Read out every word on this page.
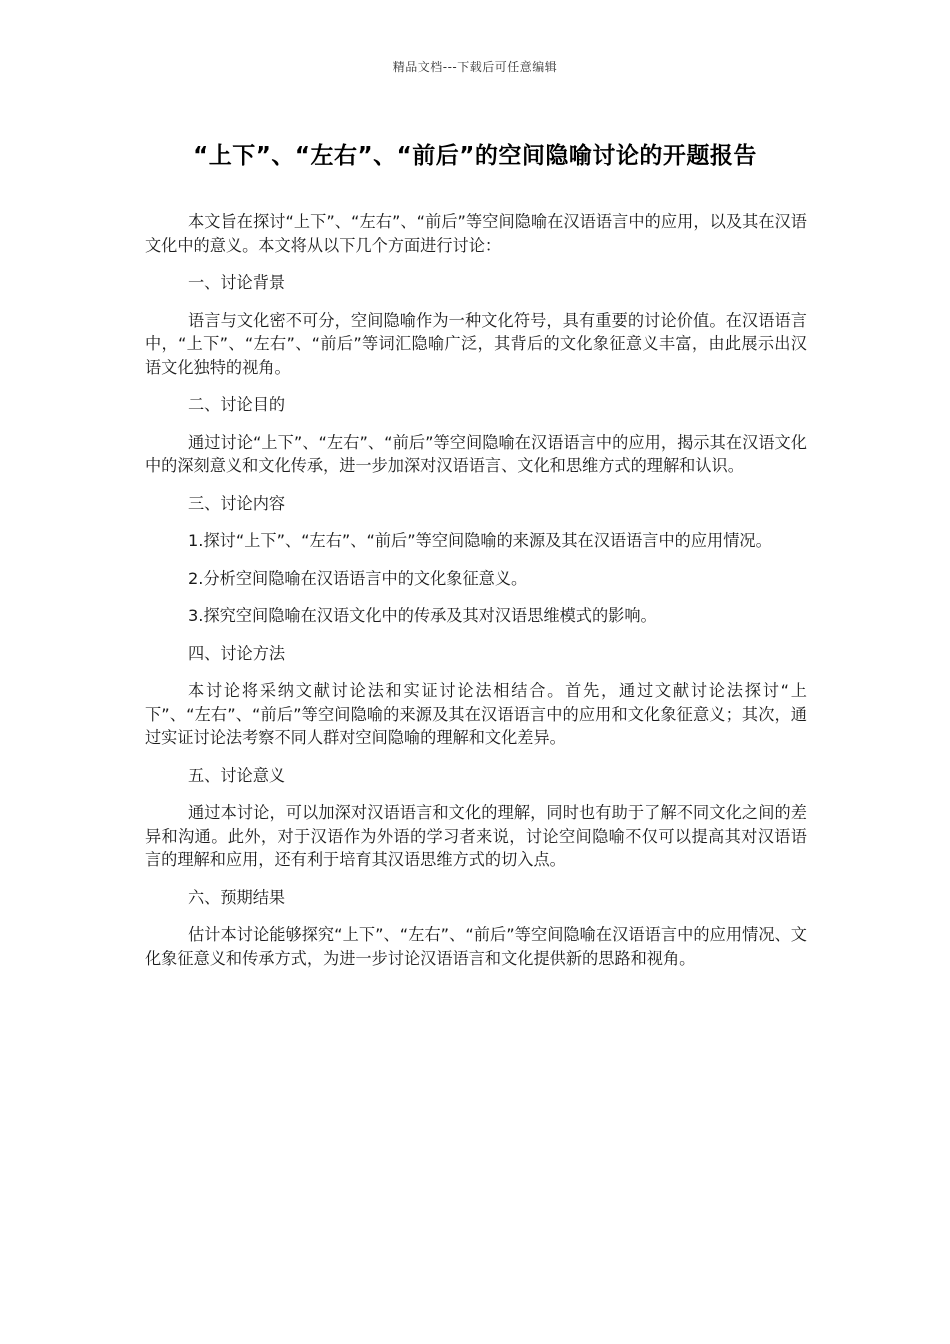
精品文档---下载后可任意编辑
“上下”、“左右”、“前后”的空间隐喻讨论的开题报告

本文旨在探讨“上下”、“左右”、“前后”等空间隐喻在汉语语言中的应用，以及其在汉语文化中的意义。本文将从以下几个方面进行讨论：

一、讨论背景

语言与文化密不可分，空间隐喻作为一种文化符号，具有重要的讨论价值。在汉语语言中，“上下”、“左右”、“前后”等词汇隐喻广泛，其背后的文化象征意义丰富，由此展示出汉语文化独特的视角。

二、讨论目的

通过讨论“上下”、“左右”、“前后”等空间隐喻在汉语语言中的应用，揭示其在汉语文化中的深刻意义和文化传承，进一步加深对汉语语言、文化和思维方式的理解和认识。

三、讨论内容

1.探讨“上下”、“左右”、“前后”等空间隐喻的来源及其在汉语语言中的应用情况。

2.分析空间隐喻在汉语语言中的文化象征意义。

3.探究空间隐喻在汉语文化中的传承及其对汉语思维模式的影响。

四、讨论方法

本讨论将采纳文献讨论法和实证讨论法相结合。首先，通过文献讨论法探讨“上下”、“左右”、“前后”等空间隐喻的来源及其在汉语语言中的应用和文化象征意义；其次，通过实证讨论法考察不同人群对空间隐喻的理解和文化差异。

五、讨论意义

通过本讨论，可以加深对汉语语言和文化的理解，同时也有助于了解不同文化之间的差异和沟通。此外，对于汉语作为外语的学习者来说，讨论空间隐喻不仅可以提高其对汉语语言的理解和应用，还有利于培育其汉语思维方式的切入点。

六、预期结果

估计本讨论能够探究“上下”、“左右”、“前后”等空间隐喻在汉语语言中的应用情况、文化象征意义和传承方式，为进一步讨论汉语语言和文化提供新的思路和视角。
